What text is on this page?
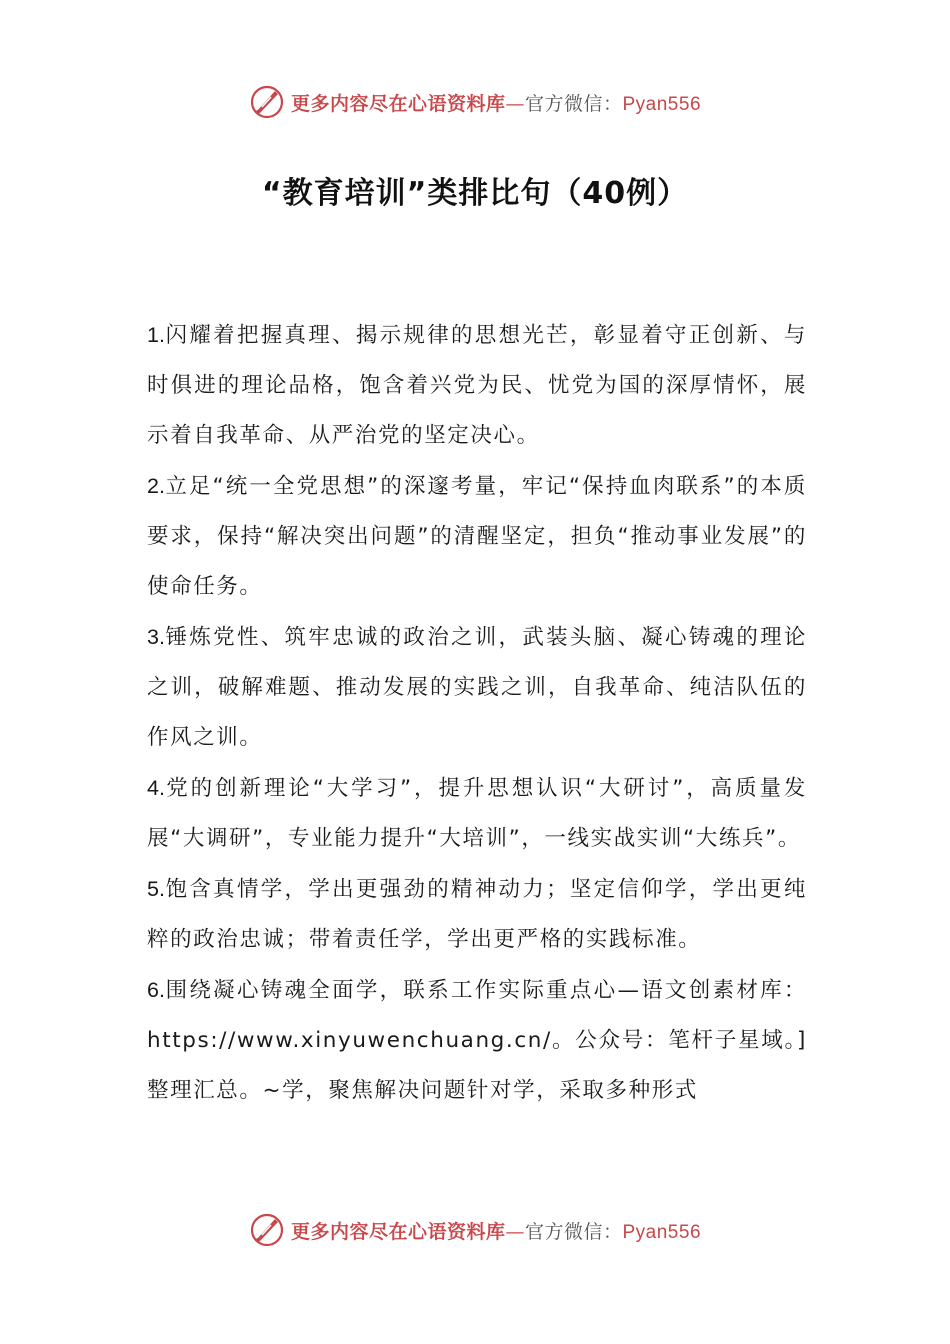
更多内容尽在心语资料库—官方微信：Pyan556
“教育培训”类排比句（40例）

1.闪耀着把握真理、揭示规律的思想光芒，彰显着守正创新、与时俱进的理论品格，饱含着兴党为民、忧党为国的深厚情怀，展示着自我革命、从严治党的坚定决心。

2.立足“统一全党思想”的深邃考量，牢记“保持血肉联系”的本质要求，保持“解决突出问题”的清醒坚定，担负“推动事业发展”的使命任务。

3.锤炼党性、筑牢忠诚的政治之训，武装头脑、凝心铸魂的理论之训，破解难题、推动发展的实践之训，自我革命、纯洁队伍的作风之训。

4.党的创新理论“大学习”，提升思想认识“大研讨”，高质量发展“大调研”，专业能力提升“大培训”，一线实战实训“大练兵”。

5.饱含真情学，学出更强劲的精神动力；坚定信仰学，学出更纯粹的政治忠诚；带着责任学，学出更严格的实践标准。

6.围绕凝心铸魂全面学，联系工作实际重点心—语文创素材库：https://www.xinyuwenchuang.cn/。公众号：笔杆子星域。]整理汇总。~学，聚焦解决问题针对学，采取多种形式

更多内容尽在心语资料库—官方微信：Pyan556
